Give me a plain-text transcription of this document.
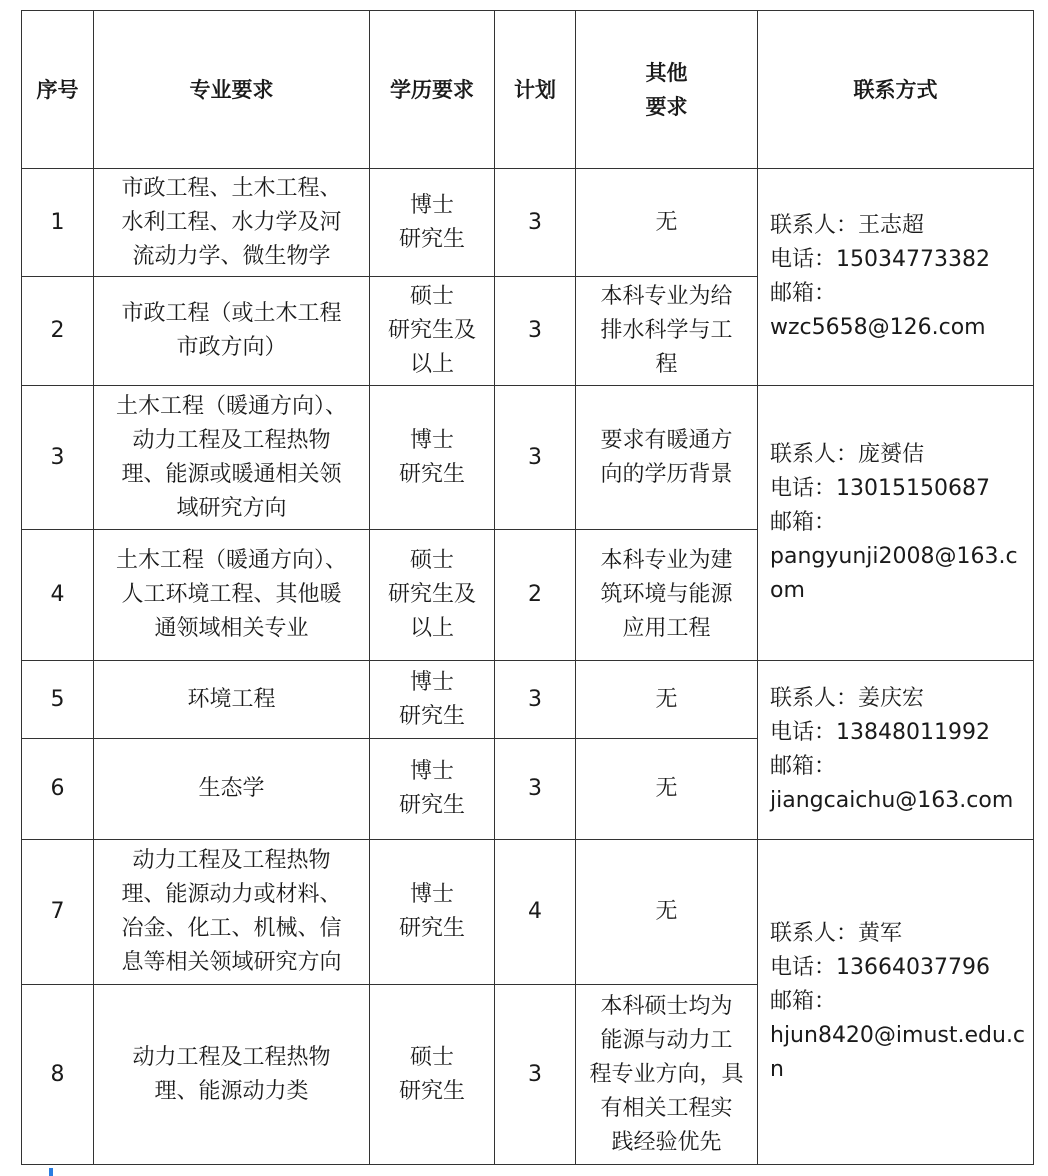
序号	专业要求	学历要求	计划	其他
要求	联系方式
1	市政工程、土木工程、
水利工程、水力学及河
流动力学、微生物学	博士
研究生	3	无	联系人：王志超
电话：15034773382
邮箱：
wzc5658@126.com

2	市政工程（或土木工程
市政方向）	硕士
研究生及
以上	3	本科专业为给
排水科学与工
程	

3	土木工程（暖通方向）、
动力工程及工程热物
理、能源或暖通相关领
域研究方向	博士
研究生	3	要求有暖通方
向的学历背景	联系人：庞赟佶
电话：13015150687
邮箱：
pangyunji2008@163.com

4	土木工程（暖通方向）、
人工环境工程、其他暖
通领域相关专业	硕士
研究生及
以上	2	本科专业为建
筑环境与能源
应用工程	

5	环境工程	博士
研究生	3	无	联系人：姜庆宏
电话：13848011992
邮箱：
jiangcaichu@163.com

6	生态学	博士
研究生	3	无	

7	动力工程及工程热物
理、能源动力或材料、
冶金、化工、机械、信
息等相关领域研究方向	博士
研究生	4	无	联系人：黄军
电话：13664037796
邮箱：
hjun8420@imust.edu.cn

8	动力工程及工程热物
理、能源动力类	硕士
研究生	3	本科硕士均为
能源与动力工
程专业方向，具
有相关工程实
践经验优先	
